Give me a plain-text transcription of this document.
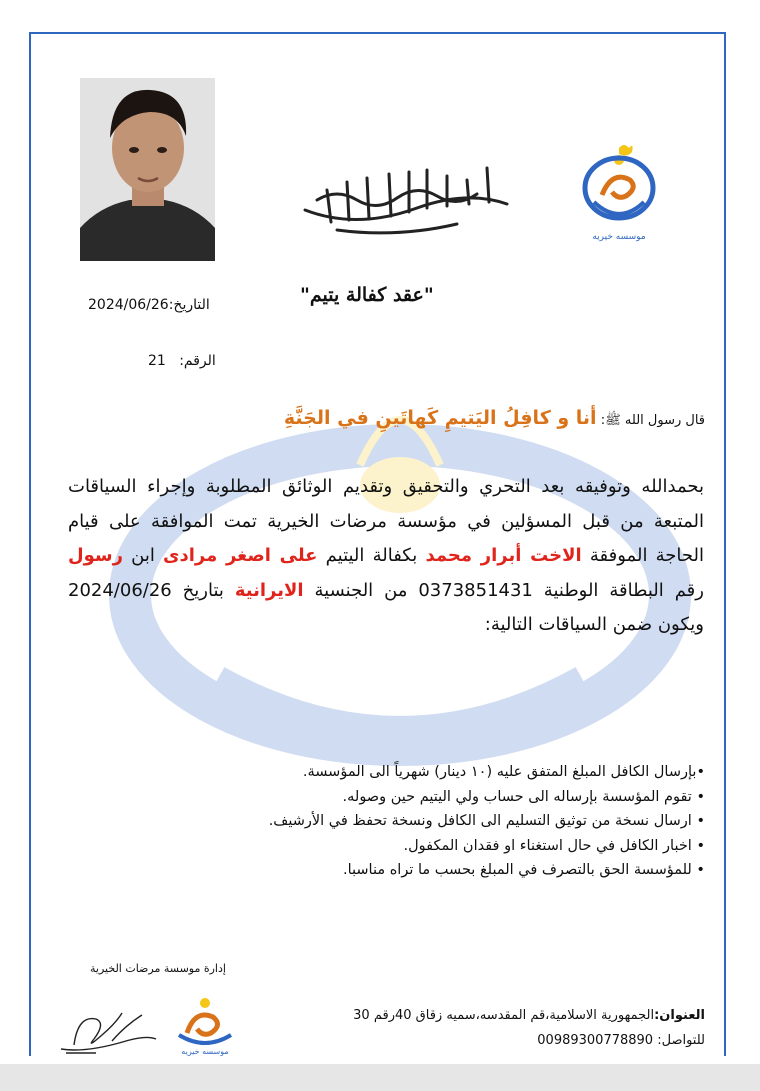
موسسه خیریه
"عقد كفالة يتيم"
التاريخ:2024/06/26
الرقم:   21
قال رسول الله ﷺ: أنا و كافِلُ اليَتيمِ كَهاتَينِ في الجَنَّةِ
بحمدالله وتوفيقه بعد التحري والتحقيق وتقديم الوثائق المطلوبة وإجراء السياقات المتبعة من قبل المسؤلين في مؤسسة مرضات الخيرية تمت الموافقة على قيام الحاجة الموفقة الاخت أبرار محمد بكفالة اليتيم على اصغر مرادى ابن رسول رقم البطاقة الوطنية 0373851431 من الجنسية الايرانية بتاريخ 2024/06/26 ويكون ضمن السياقات التالية:
•بإرسال الكافل المبلغ المتفق عليه (١٠ دينار) شهرياً الى المؤسسة.
• تقوم المؤسسة بإرساله الى حساب ولي اليتيم حين وصوله.
• ارسال نسخة من توثيق التسليم الى الكافل ونسخة تحفظ في الأرشيف.
• اخبار الكافل في حال استغناء او فقدان المكفول.
• للمؤسسة الحق بالتصرف في المبلغ بحسب ما تراه مناسبا.
إدارة موسسة مرضات الخيرية
العنوان:الجمهورية الاسلامية،قم المقدسه،سميه زقاق 40رقم 30
للتواصل: 00989300778890
موسسه خيريه
